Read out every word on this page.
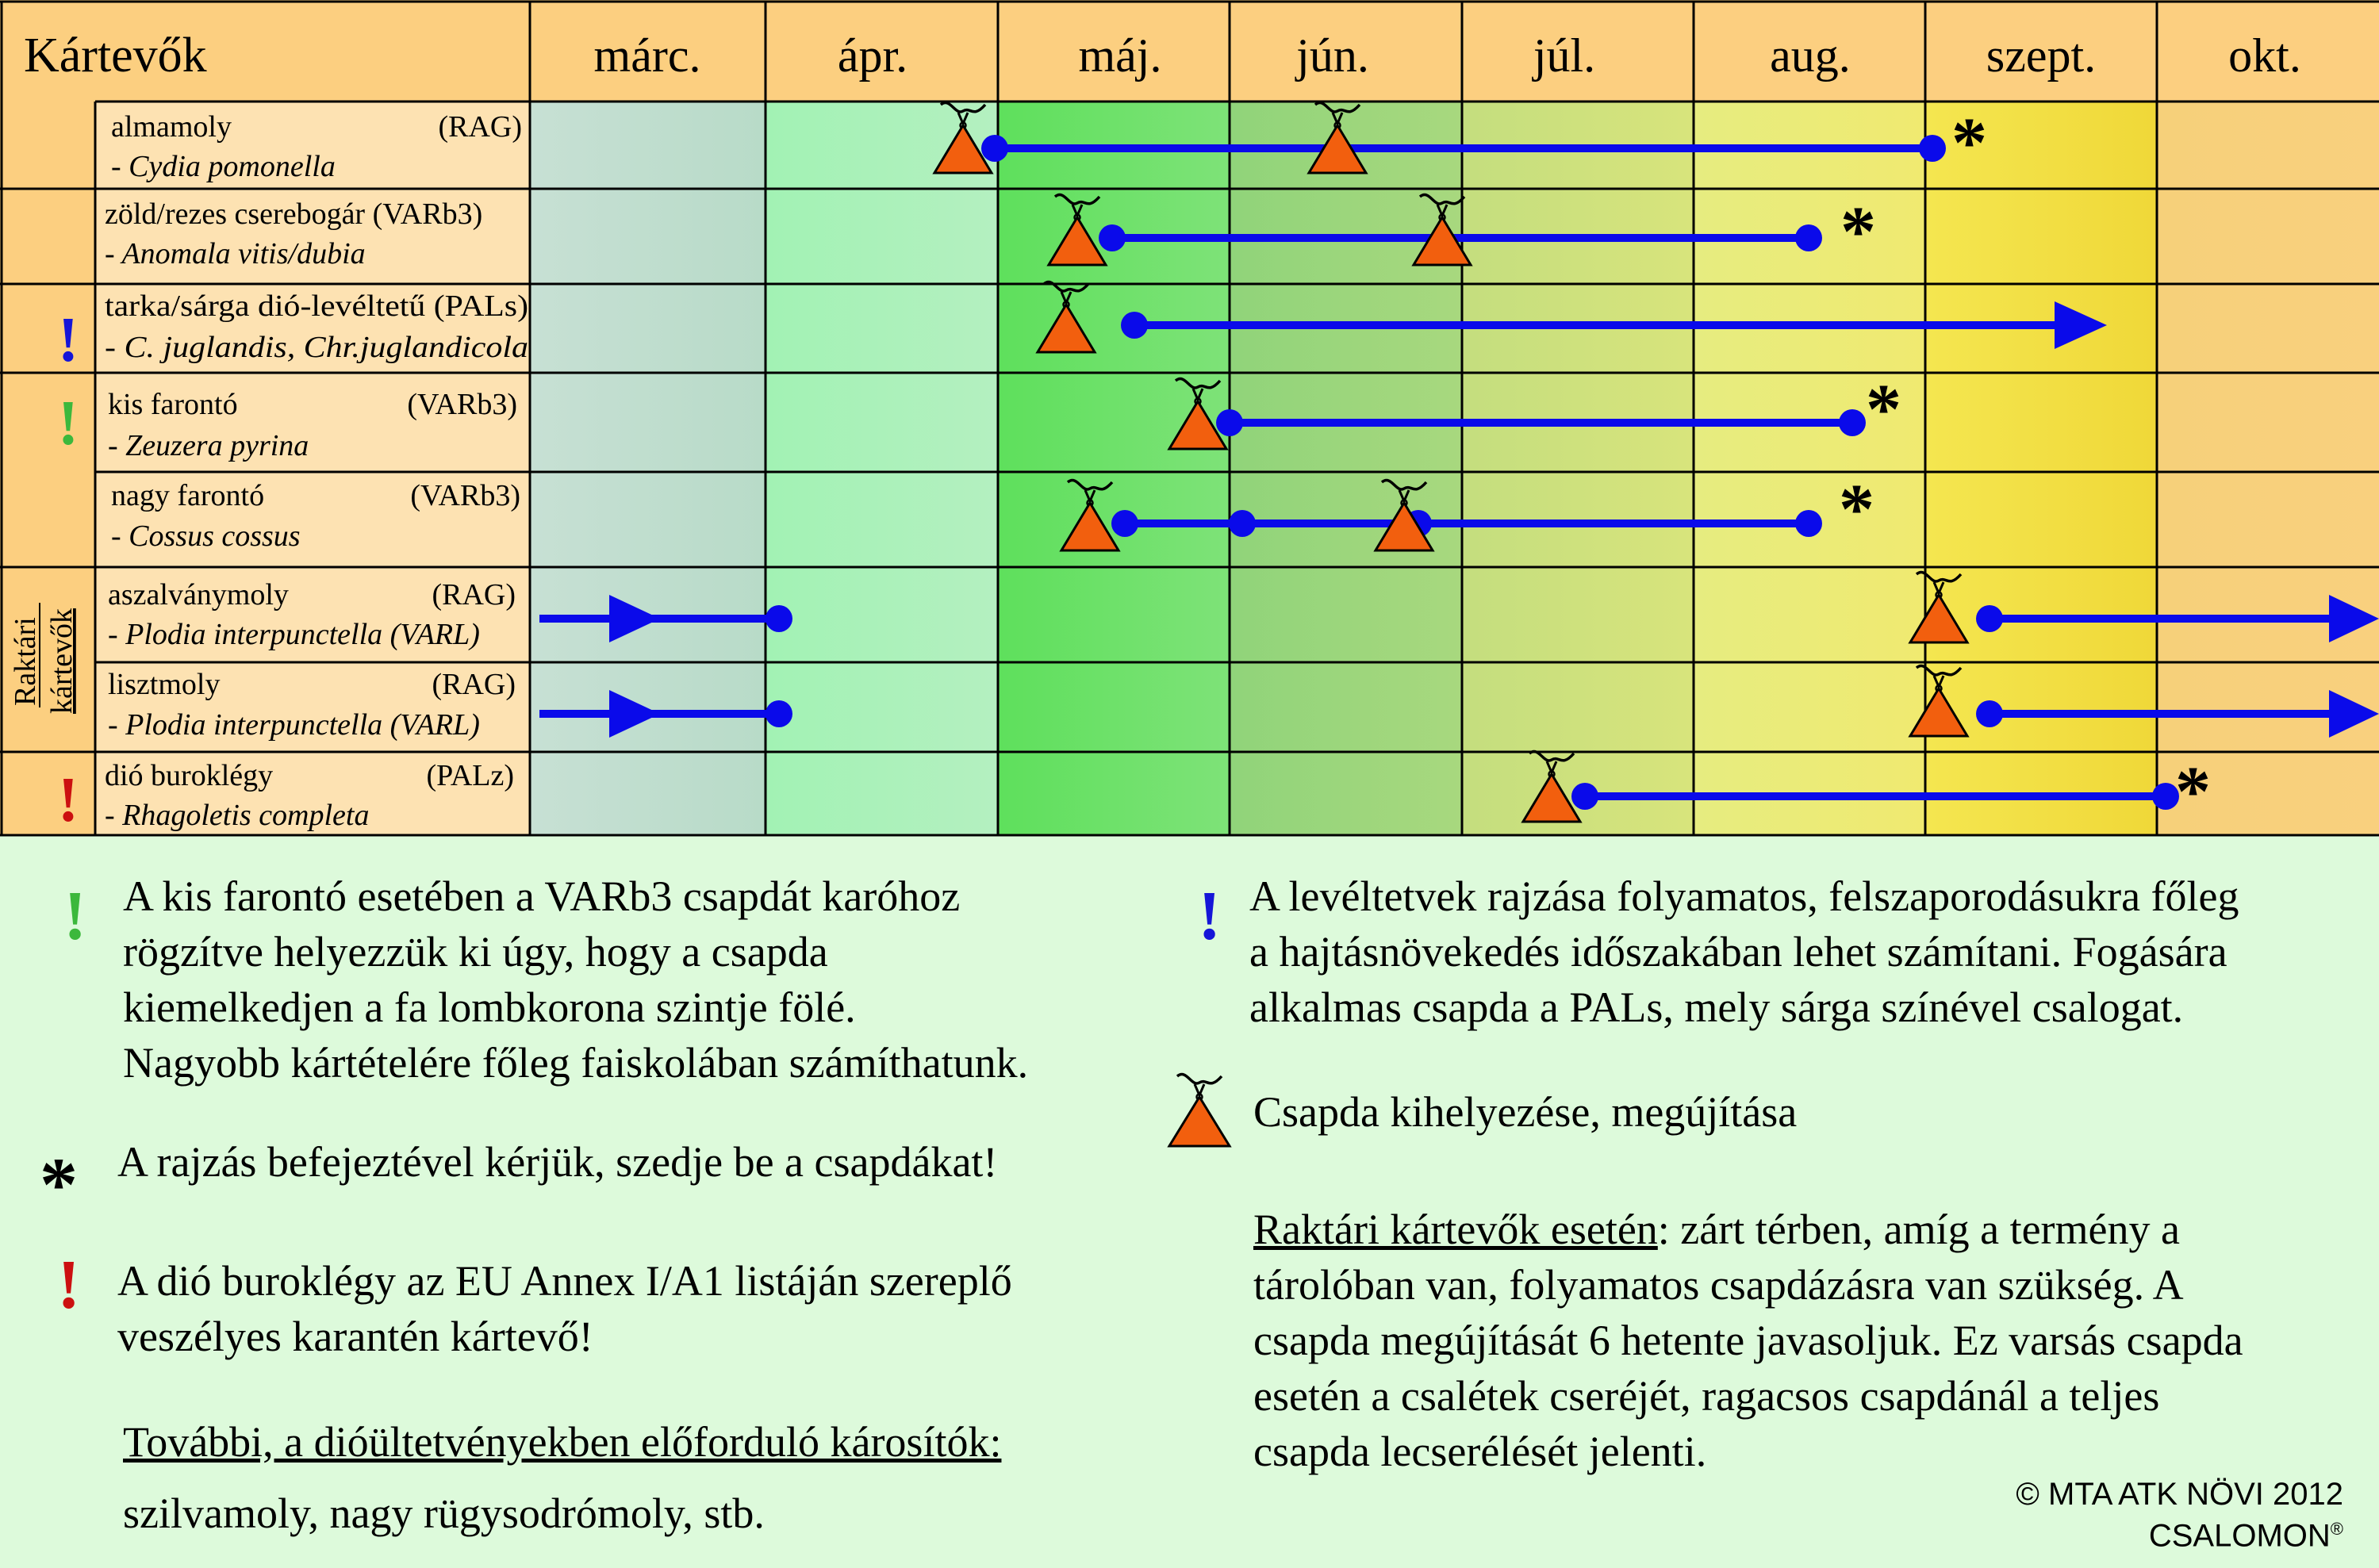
Kártevők	márc.	ápr.	máj.	jún.	júl.	aug.	szept.	okt.
almamoly	(RAG)
- Cydia pomonella
zöld/rezes cserebogár (VARb3)
- Anomala vitis/dubia
tarka/sárga dió-levéltetű (PALs)
- C. juglandis, Chr.juglandicola
kis farontó	(VARb3)
- Zeuzera pyrina
nagy farontó	(VARb3)
- Cossus cossus
aszalványmoly	(RAG)
- Plodia interpunctella (VARL)
lisztmoly	(RAG)
- Plodia interpunctella (VARL)
dió buroklégy	(PALz)
- Rhagoletis completa
Raktári kártevők
!
!
!
*
*
*
*
*
! A kis farontó esetében a VARb3 csapdát karóhoz
rögzítve helyezzük ki úgy, hogy a csapda
kiemelkedjen a fa lombkorona szintje fölé.
Nagyobb kártételére főleg faiskolában számíthatunk.
* A rajzás befejeztével kérjük, szedje be a csapdákat!
! A dió buroklégy az EU Annex I/A1 listáján szereplő
veszélyes karantén kártevő!
További, a dióültetvényekben előforduló károsítók:
szilvamoly, nagy rügysodrómoly, stb.
! A levéltetvek rajzása folyamatos, felszaporodásukra főleg
a hajtásnövekedés időszakában lehet számítani. Fogására
alkalmas csapda a PALs, mely sárga színével csalogat.
Csapda kihelyezése, megújítása
Raktári kártevők esetén: zárt térben, amíg a termény a
tárolóban van, folyamatos csapdázásra van szükség. A
csapda megújítását 6 hetente javasoljuk. Ez varsás csapda
esetén a csalétek cseréjét, ragacsos csapdánál a teljes
csapda lecserélését jelenti.
© MTA ATK NÖVI 2012
CSALOMON®
